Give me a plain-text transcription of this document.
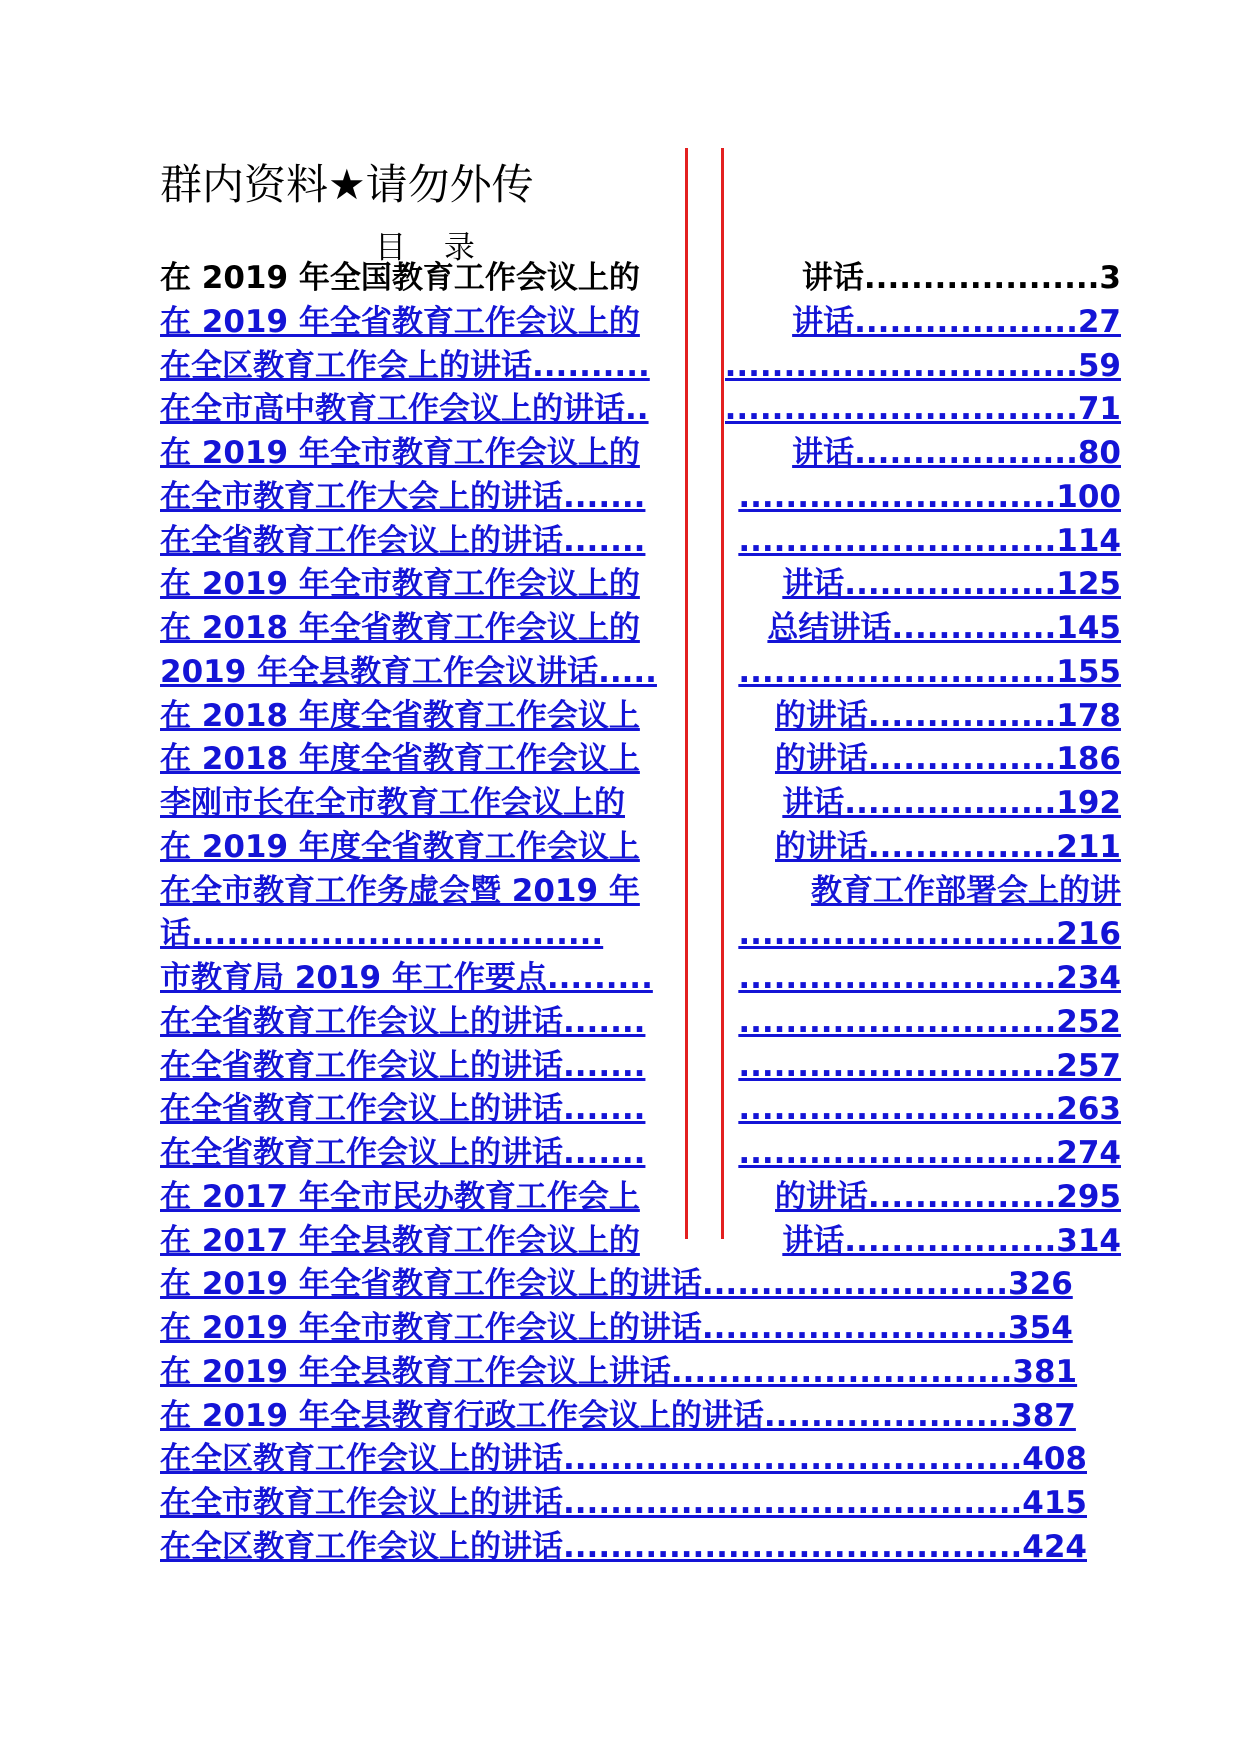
群内资料★请勿外传
目 录
在 2019 年全国教育工作会议上的	讲话....................3
在 2019 年全省教育工作会议上的	讲话...................27
在全区教育工作会上的讲话..........	..............................59
在全市高中教育工作会议上的讲话..	..............................71
在 2019 年全市教育工作会议上的	讲话...................80
在全市教育工作大会上的讲话.......	...........................100
在全省教育工作会议上的讲话.......	...........................114
在 2019 年全市教育工作会议上的	讲话..................125
在 2018 年全省教育工作会议上的	总结讲话..............145
2019 年全县教育工作会议讲话.....	...........................155
在 2018 年度全省教育工作会议上	的讲话................178
在 2018 年度全省教育工作会议上	的讲话................186
李刚市长在全市教育工作会议上的	讲话..................192
在 2019 年度全省教育工作会议上	的讲话................211
在全市教育工作务虚会暨 2019 年	教育工作部署会上的讲
话...................................	...........................216
市教育局 2019 年工作要点.........	...........................234
在全省教育工作会议上的讲话.......	...........................252
在全省教育工作会议上的讲话.......	...........................257
在全省教育工作会议上的讲话.......	...........................263
在全省教育工作会议上的讲话.......	...........................274
在 2017 年全市民办教育工作会上	的讲话................295
在 2017 年全县教育工作会议上的	讲话..................314
在 2019 年全省教育工作会议上的讲话..........................326
在 2019 年全市教育工作会议上的讲话..........................354
在 2019 年全县教育工作会议上讲话.............................381
在 2019 年全县教育行政工作会议上的讲话.....................387
在全区教育工作会议上的讲话.......................................408
在全市教育工作会议上的讲话.......................................415
在全区教育工作会议上的讲话.......................................424
